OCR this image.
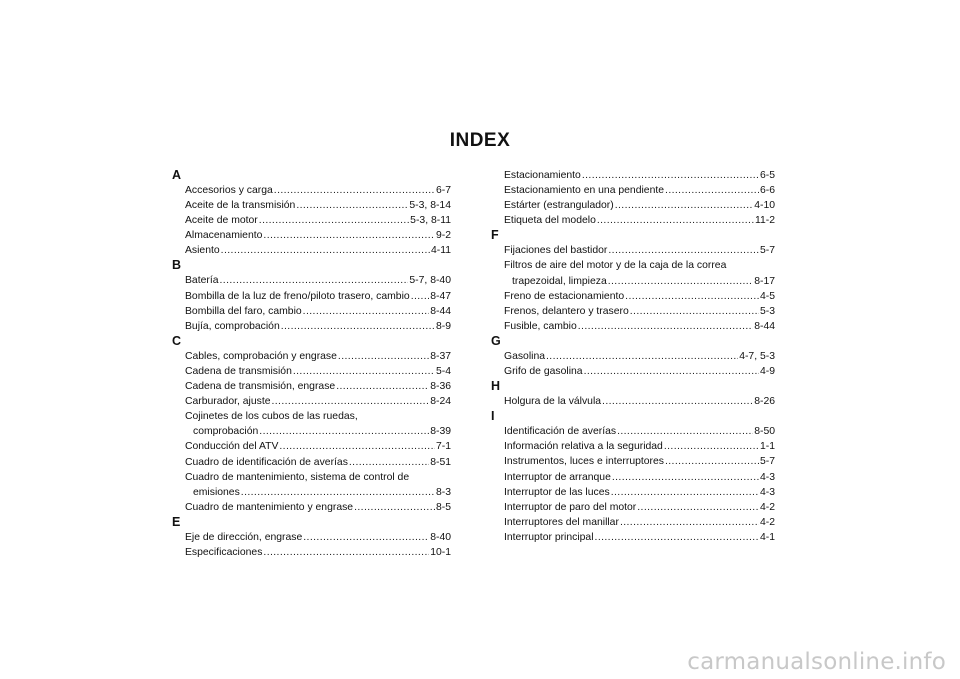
INDEX
A
Accesorios y carga .....	6-7
Aceite de la transmisión .....	5-3, 8-14
Aceite de motor .....	5-3, 8-11
Almacenamiento .....	9-2
Asiento .....	4-11
B
Batería .....	5-7, 8-40
Bombilla de la luz de freno/piloto trasero, cambio ..... 8-47
Bombilla del faro, cambio .....	8-44
Bujía, comprobación .....	8-9
C
Cables, comprobación y engrase .....	8-37
Cadena de transmisión .....	5-4
Cadena de transmisión, engrase .....	8-36
Carburador, ajuste .....	8-24
Cojinetes de los cubos de las ruedas,
comprobación .....	8-39
Conducción del ATV .....	7-1
Cuadro de identificación de averías .....	8-51
Cuadro de mantenimiento, sistema de control de
emisiones .....	8-3
Cuadro de mantenimiento y engrase .....	8-5
E
Eje de dirección, engrase .....	8-40
Especificaciones .....	10-1
Estacionamiento .....	6-5
Estacionamiento en una pendiente .....	6-6
Estárter (estrangulador) .....	4-10
Etiqueta del modelo .....	11-2
F
Fijaciones del bastidor .....	5-7
Filtros de aire del motor y de la caja de la correa
trapezoidal, limpieza .....	8-17
Freno de estacionamiento .....	4-5
Frenos, delantero y trasero .....	5-3
Fusible, cambio .....	8-44
G
Gasolina .....	4-7, 5-3
Grifo de gasolina .....	4-9
H
Holgura de la válvula .....	8-26
I
Identificación de averías .....	8-50
Información relativa a la seguridad .....	1-1
Instrumentos, luces e interruptores .....	5-7
Interruptor de arranque .....	4-3
Interruptor de las luces .....	4-3
Interruptor de paro del motor .....	4-2
Interruptores del manillar .....	4-2
Interruptor principal .....	4-1
carmanualsonline.info
